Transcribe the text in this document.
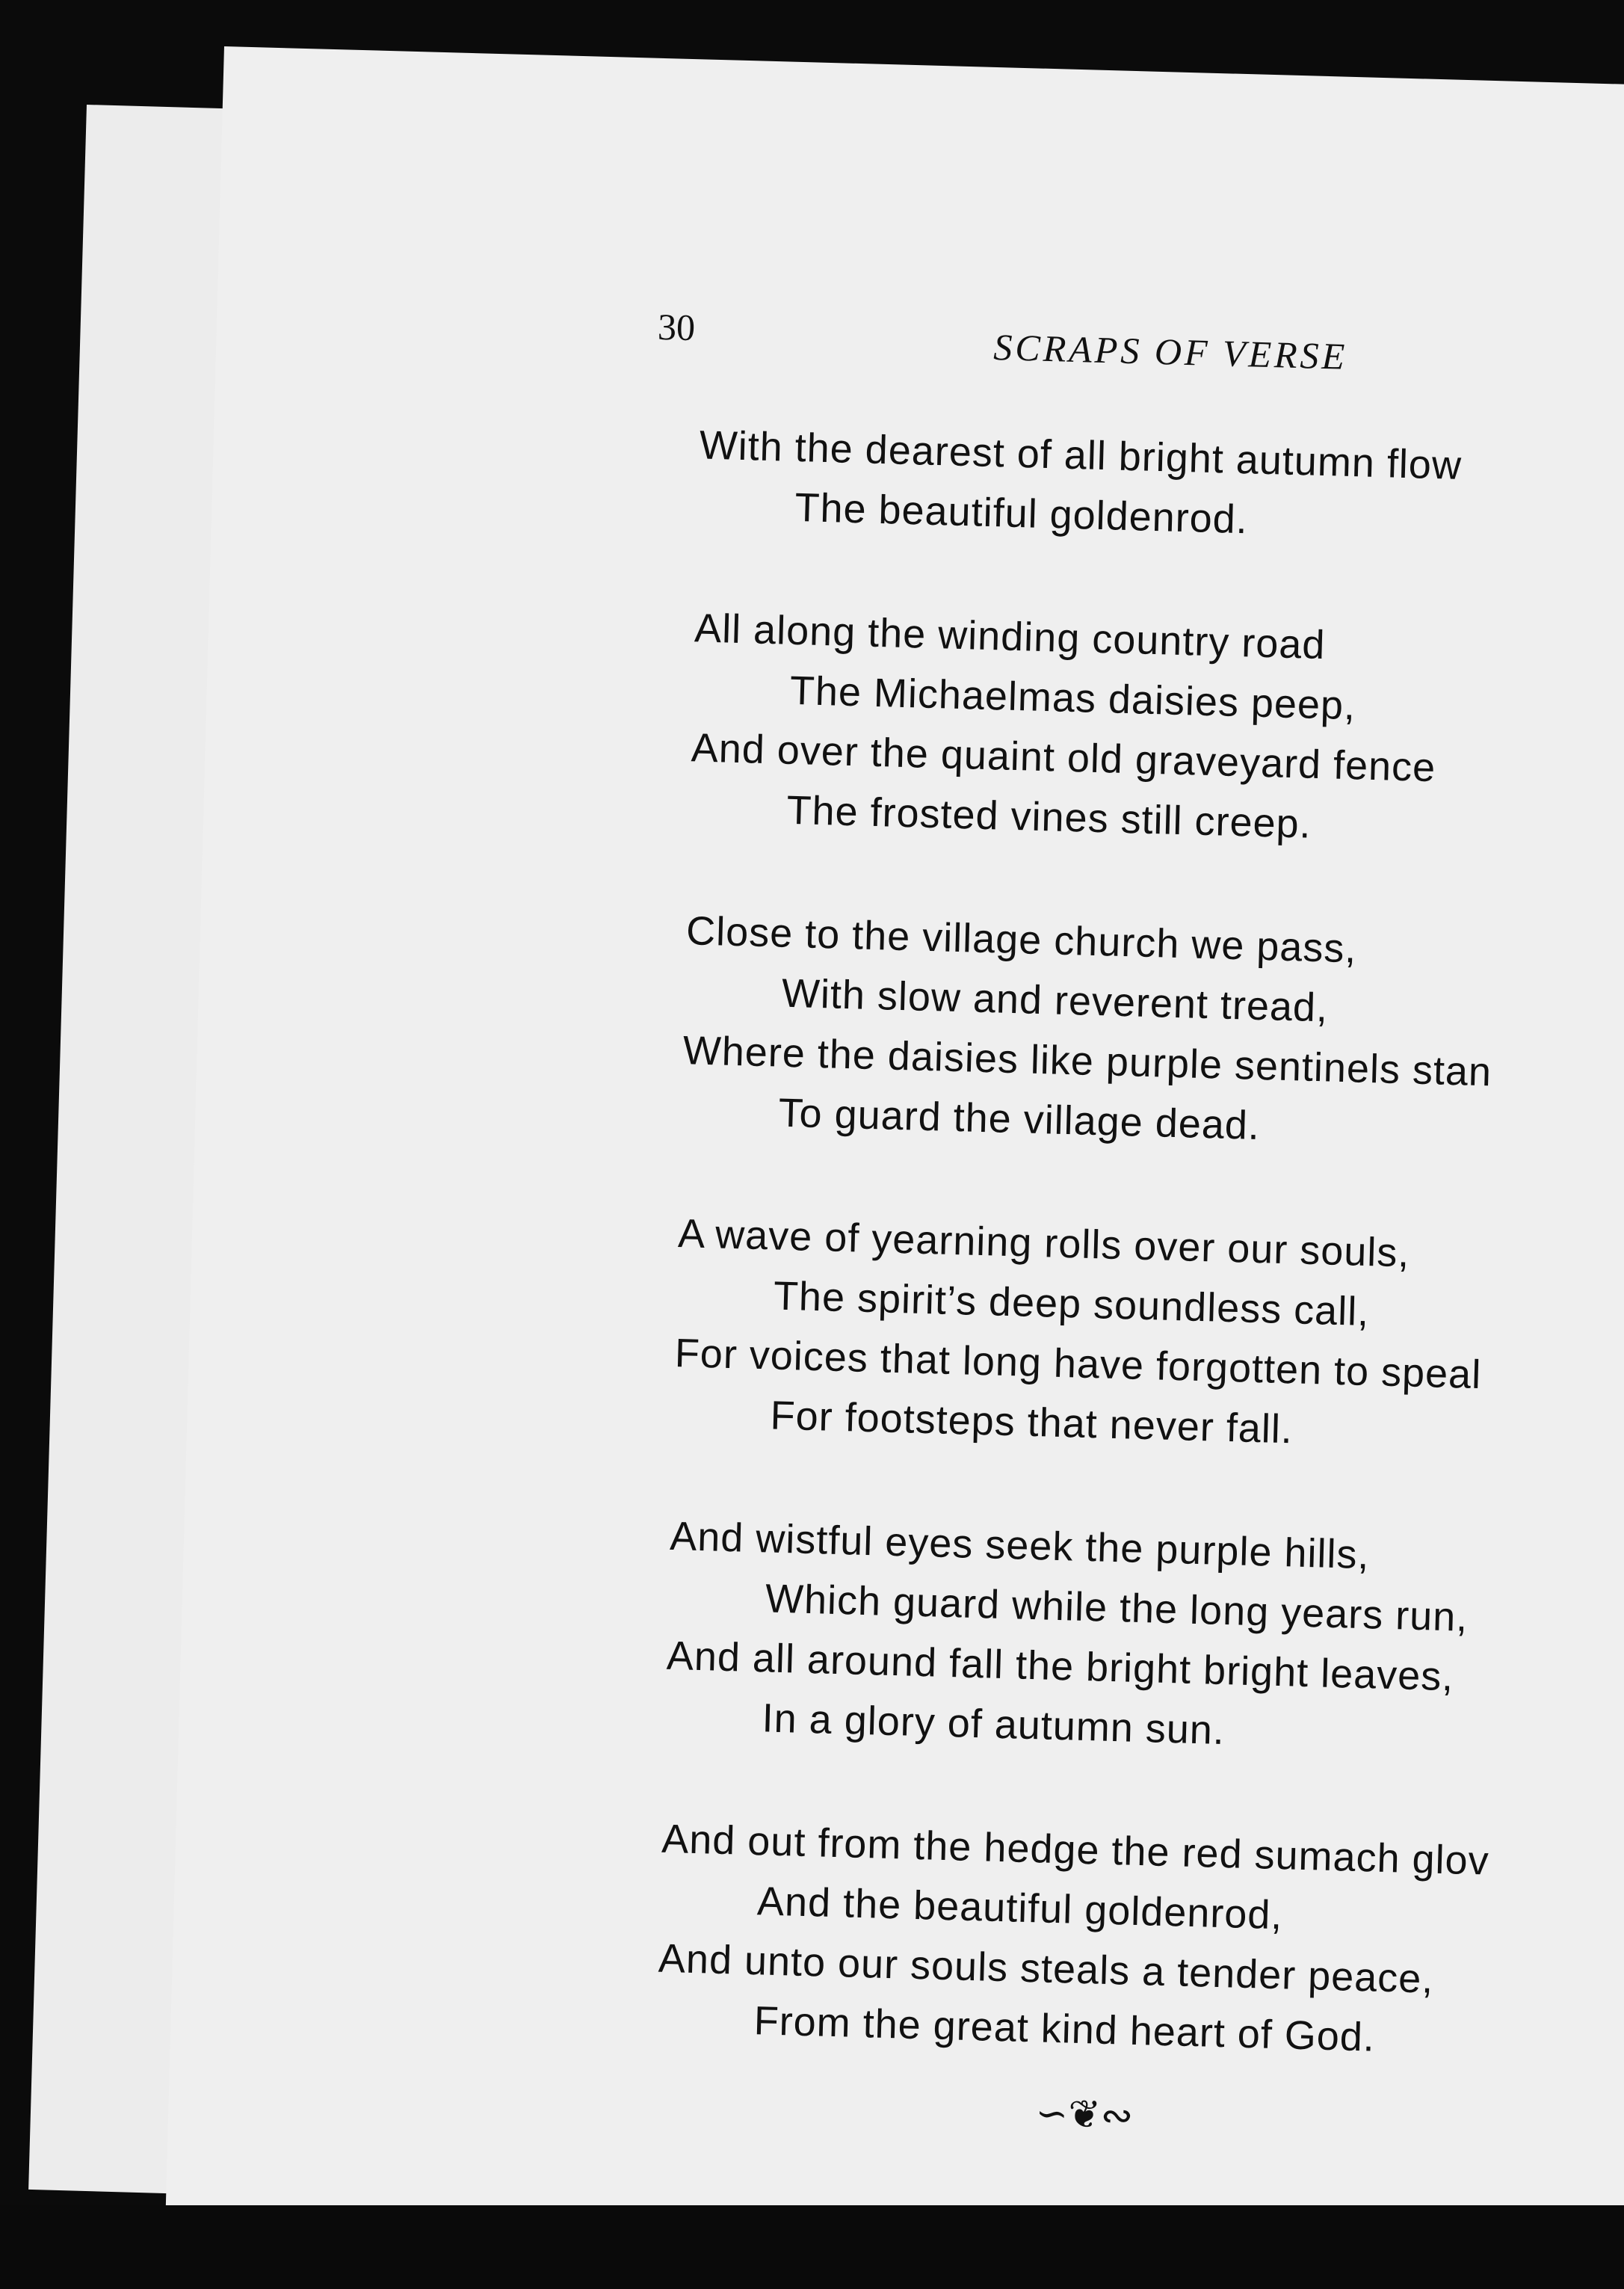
30	SCRAPS OF VERSE
With the dearest of all bright autumn flow
The beautiful goldenrod.
All along the winding country road
The Michaelmas daisies peep,
And over the quaint old graveyard fence
The frosted vines still creep.
Close to the village church we pass,
With slow and reverent tread,
Where the daisies like purple sentinels stan
To guard the village dead.
A wave of yearning rolls over our souls,
The spirit’s deep soundless call,
For voices that long have forgotten to speal
For footsteps that never fall.
And wistful eyes seek the purple hills,
Which guard while the long years run,
And all around fall the bright bright leaves,
In a glory of autumn sun.
And out from the hedge the red sumach glov
And the beautiful goldenrod,
And unto our souls steals a tender peace,
From the great kind heart of God.
∽❦∾
